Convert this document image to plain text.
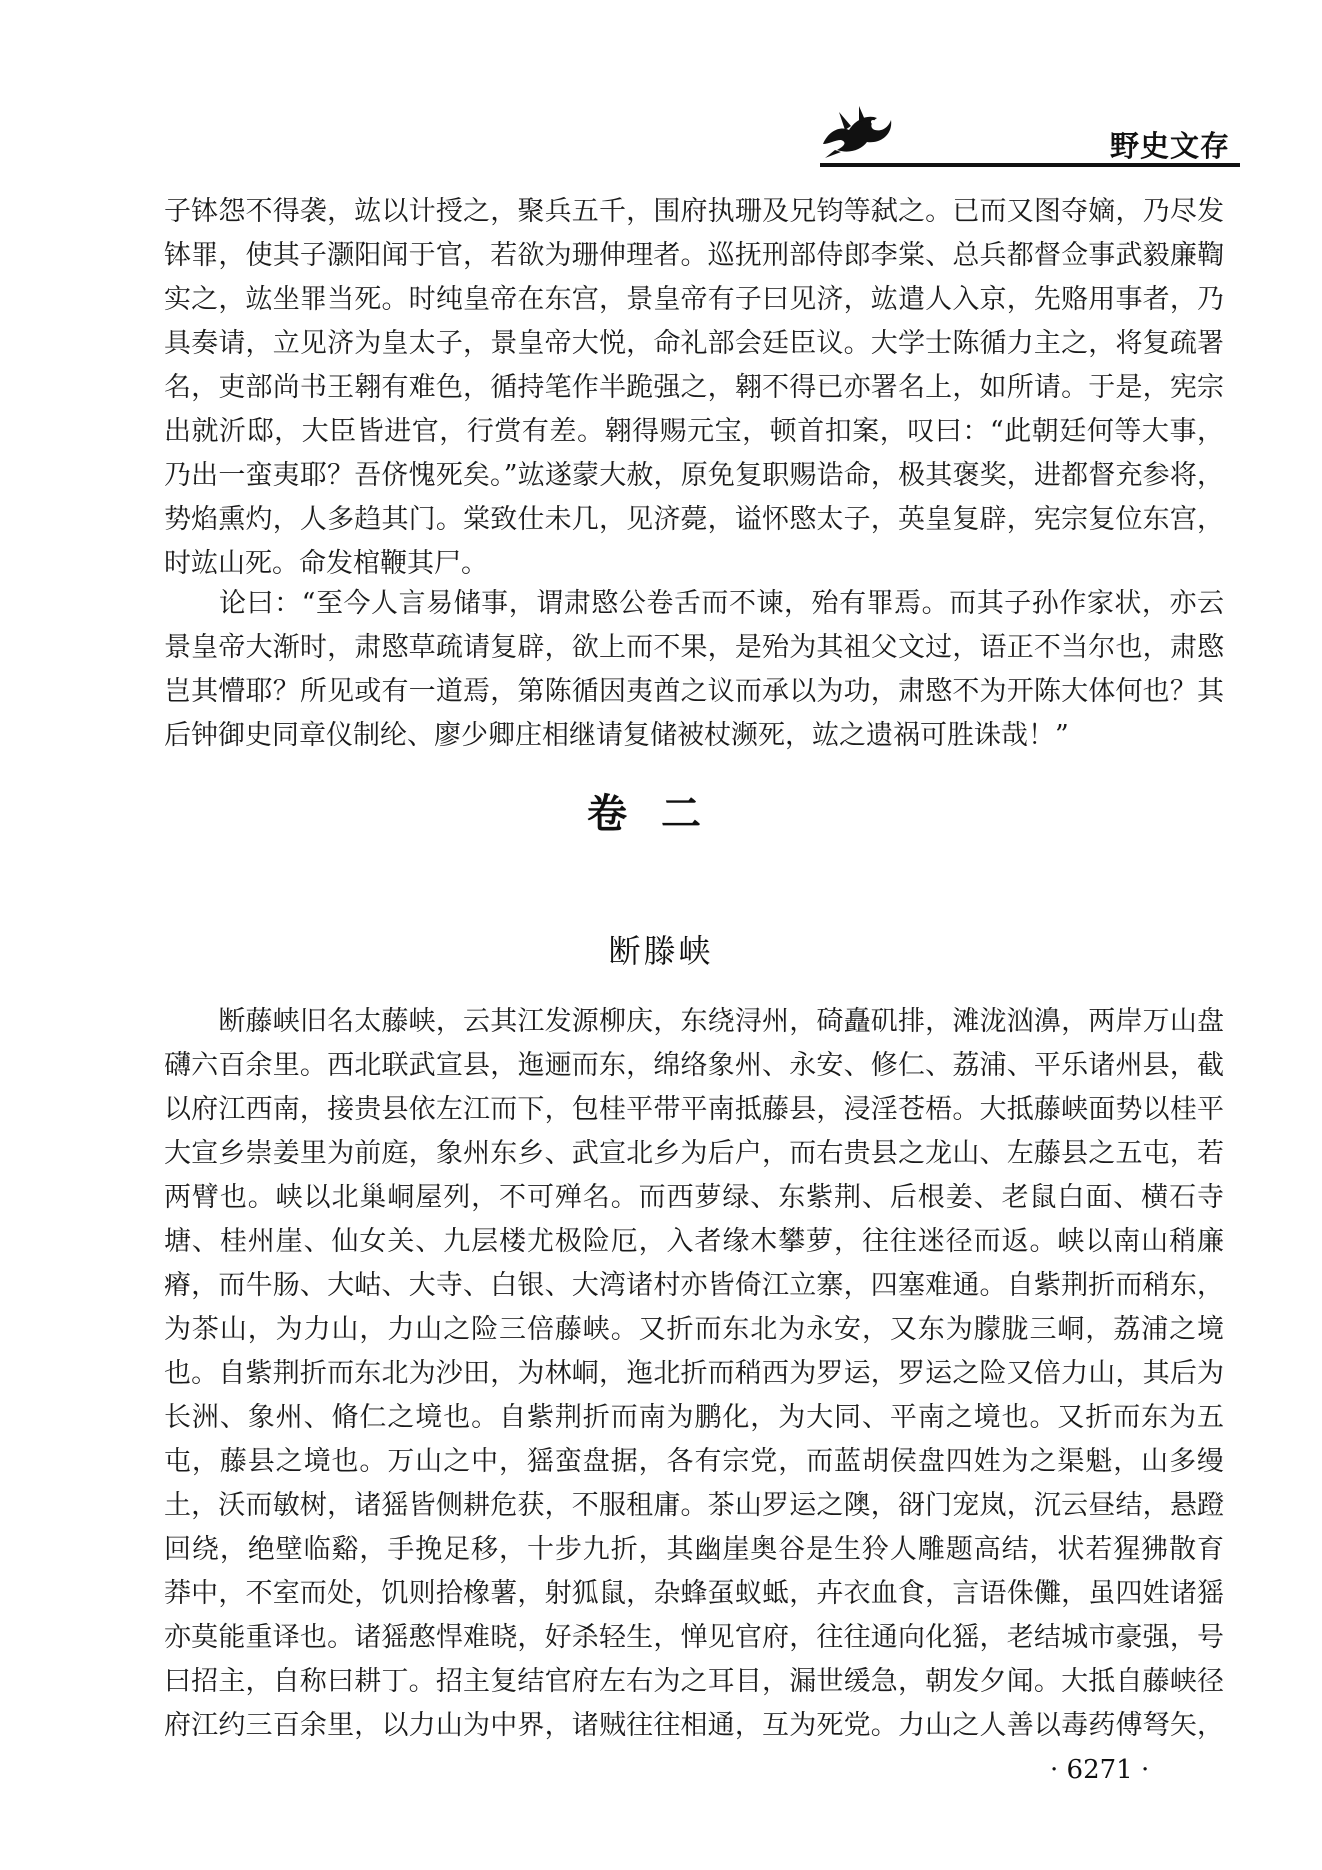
野史文存
子钵怨不得袭，竑以计授之，聚兵五千，围府执珊及兄钧等弑之。已而又图夺嫡，乃尽发
钵罪，使其子灏阳闻于官，若欲为珊伸理者。巡抚刑部侍郎李棠、总兵都督佥事武毅廉鞫
实之，竑坐罪当死。时纯皇帝在东宫，景皇帝有子曰见济，竑遣人入京，先赂用事者，乃
具奏请，立见济为皇太子，景皇帝大悦，命礼部会廷臣议。大学士陈循力主之，将复疏署
名，吏部尚书王翱有难色，循持笔作半跪强之，翱不得已亦署名上，如所请。于是，宪宗
出就沂邸，大臣皆进官，行赏有差。翱得赐元宝，顿首扣案，叹曰：“此朝廷何等大事，
乃出一蛮夷耶？吾侪愧死矣。”竑遂蒙大赦，原免复职赐诰命，极其褒奖，进都督充参将，
势焰熏灼，人多趋其门。棠致仕未几，见济薨，谥怀愍太子，英皇复辟，宪宗复位东宫，
时竑山死。命发棺鞭其尸。
　　论曰：“至今人言易储事，谓肃愍公卷舌而不谏，殆有罪焉。而其子孙作家状，亦云
景皇帝大渐时，肃愍草疏请复辟，欲上而不果，是殆为其祖父文过，语正不当尔也，肃愍
岂其懵耶？所见或有一道焉，第陈循因夷酋之议而承以为功，肃愍不为开陈大体何也？其
后钟御史同章仪制纶、廖少卿庄相继请复储被杖濒死，竑之遗祸可胜诛哉！”
卷二
断滕峡
　　断藤峡旧名太藤峡，云其江发源柳庆，东绕浔州，碕矗矶排，滩泷汹濞，两岸万山盘
礴六百余里。西北联武宣县，迤逦而东，绵络象州、永安、修仁、荔浦、平乐诸州县，截
以府江西南，接贵县依左江而下，包桂平带平南抵藤县，浸淫苍梧。大抵藤峡面势以桂平
大宣乡崇姜里为前庭，象州东乡、武宣北乡为后户，而右贵县之龙山、左藤县之五屯，若
两臂也。峡以北巢峒屋列，不可殚名。而西萝绿、东紫荆、后根姜、老鼠白面、横石寺
塘、桂州崖、仙女关、九层楼尤极险厄，入者缘木攀萝，往往迷径而返。峡以南山稍廉
瘠，而牛肠、大岵、大寺、白银、大湾诸村亦皆倚江立寨，四塞难通。自紫荆折而稍东，
为茶山，为力山，力山之险三倍藤峡。又折而东北为永安，又东为朦胧三峒，荔浦之境
也。自紫荆折而东北为沙田，为林峒，迤北折而稍西为罗运，罗运之险又倍力山，其后为
长洲、象州、脩仁之境也。自紫荆折而南为鹏化，为大同、平南之境也。又折而东为五
屯，藤县之境也。万山之中，猺蛮盘据，各有宗党，而蓝胡侯盘四姓为之渠魁，山多缦
土，沃而敏树，诸猺皆侧耕危获，不服租庸。茶山罗运之隩，谺门宠岚，沉云昼结，悬蹬
回绕，绝壁临谿，手挽足移，十步九折，其幽崖奥谷是生狑人雕题高结，状若猩狒散育
莽中，不室而处，饥则拾橡薯，射狐鼠，杂蜂虿蚁蚳，卉衣血食，言语侏儺，虽四姓诸猺
亦莫能重译也。诸猺憨悍难晓，好杀轻生，惮见官府，往往通向化猺，老结城市豪强，号
曰招主，自称曰耕丁。招主复结官府左右为之耳目，漏世缓急，朝发夕闻。大抵自藤峡径
府江约三百余里，以力山为中界，诸贼往往相通，互为死党。力山之人善以毒药傅弩矢，
· 6271 ·
